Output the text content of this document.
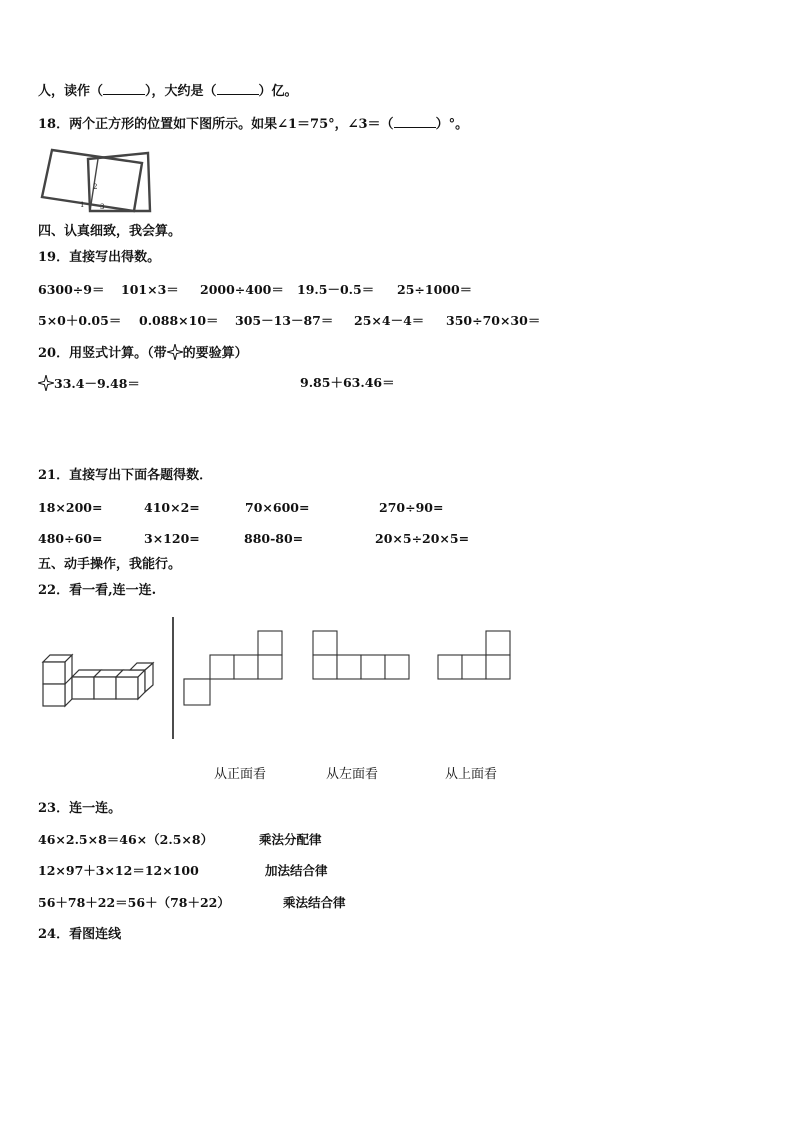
人，读作（	），大约是（	）亿。
18．两个正方形的位置如下图所示。如果∠1＝75°，∠3＝（	）°。
1
2
3
四、认真细致，我会算。
19．直接写出得数。
6300÷9＝ 101×3＝ 2000÷400＝ 19.5－0.5＝ 25÷1000＝
5×0＋0.05＝ 0.088×10＝ 305－13－87＝ 25×4－4＝ 350÷70×30＝
20．用竖式计算。（带 的要验算）
33.4－9.48＝	9.85＋63.46＝
21．直接写出下面各题得数．
18×200=	410×2=	70×600=	270÷90=
480÷60=	3×120=	880-80=	20×5÷20×5=
五、动手操作，我能行。
22．看一看,连一连.
从正面看	从左面看	从上面看
23．连一连。
46×2.5×8＝46×（2.5×8）	乘法分配律
12×97＋3×12＝12×100	加法结合律
56＋78＋22＝56＋（78＋22）	乘法结合律
24．看图连线
